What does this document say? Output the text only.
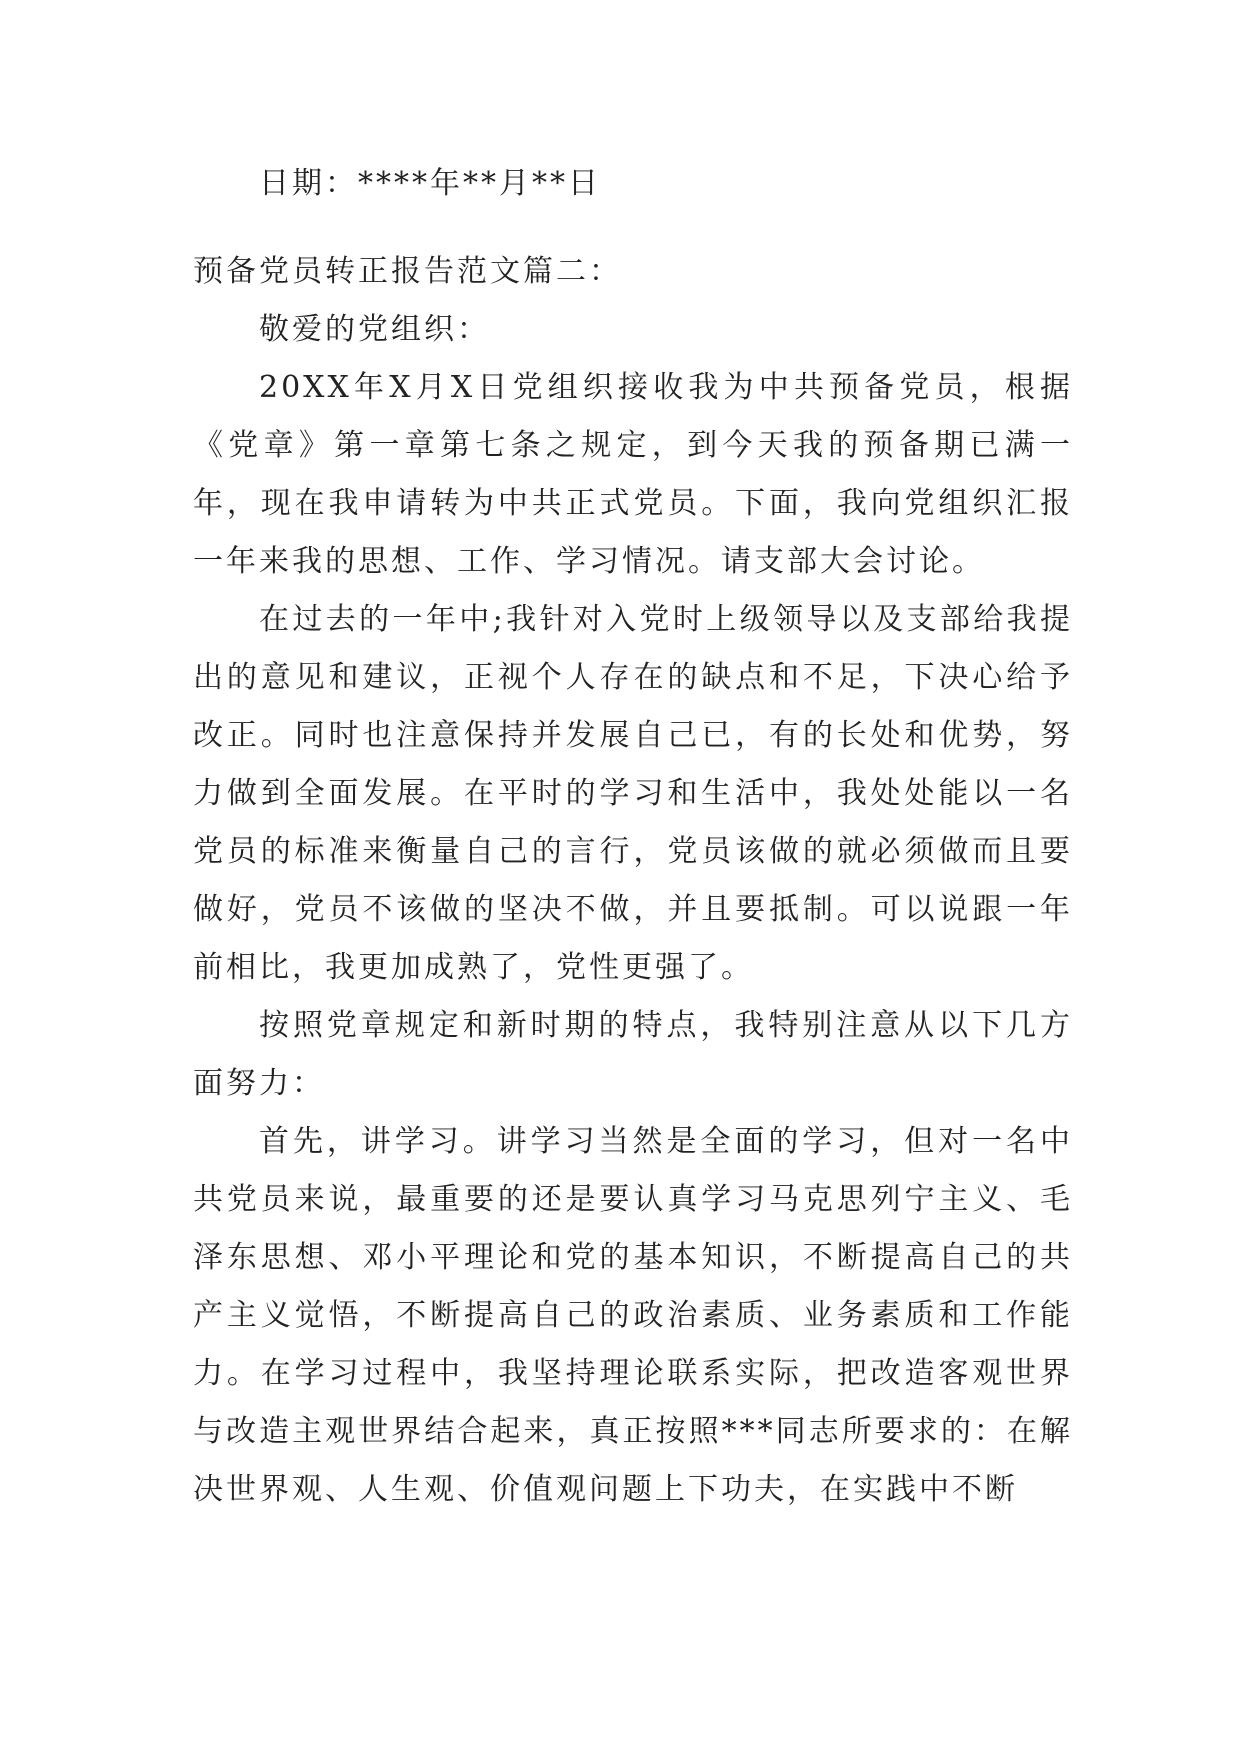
日期：****年**月**日
预备党员转正报告范文篇二：
敬爱的党组织：

20XX年X月X日党组织接收我为中共预备党员，根据《党章》第一章第七条之规定，到今天我的预备期已满一年，现在我申请转为中共正式党员。下面，我向党组织汇报一年来我的思想、工作、学习情况。请支部大会讨论。

在过去的一年中;我针对入党时上级领导以及支部给我提出的意见和建议，正视个人存在的缺点和不足，下决心给予改正。同时也注意保持并发展自己已，有的长处和优势，努力做到全面发展。在平时的学习和生活中，我处处能以一名党员的标准来衡量自己的言行，党员该做的就必须做而且要做好，党员不该做的坚决不做，并且要抵制。可以说跟一年前相比，我更加成熟了，党性更强了。

按照党章规定和新时期的特点，我特别注意从以下几方面努力：

首先，讲学习。讲学习当然是全面的学习，但对一名中共党员来说，最重要的还是要认真学习马克思列宁主义、毛泽东思想、邓小平理论和党的基本知识，不断提高自己的共产主义觉悟，不断提高自己的政治素质、业务素质和工作能力。在学习过程中，我坚持理论联系实际，把改造客观世界与改造主观世界结合起来，真正按照***同志所要求的：在解决世界观、人生观、价值观问题上下功夫，在实践中不断
